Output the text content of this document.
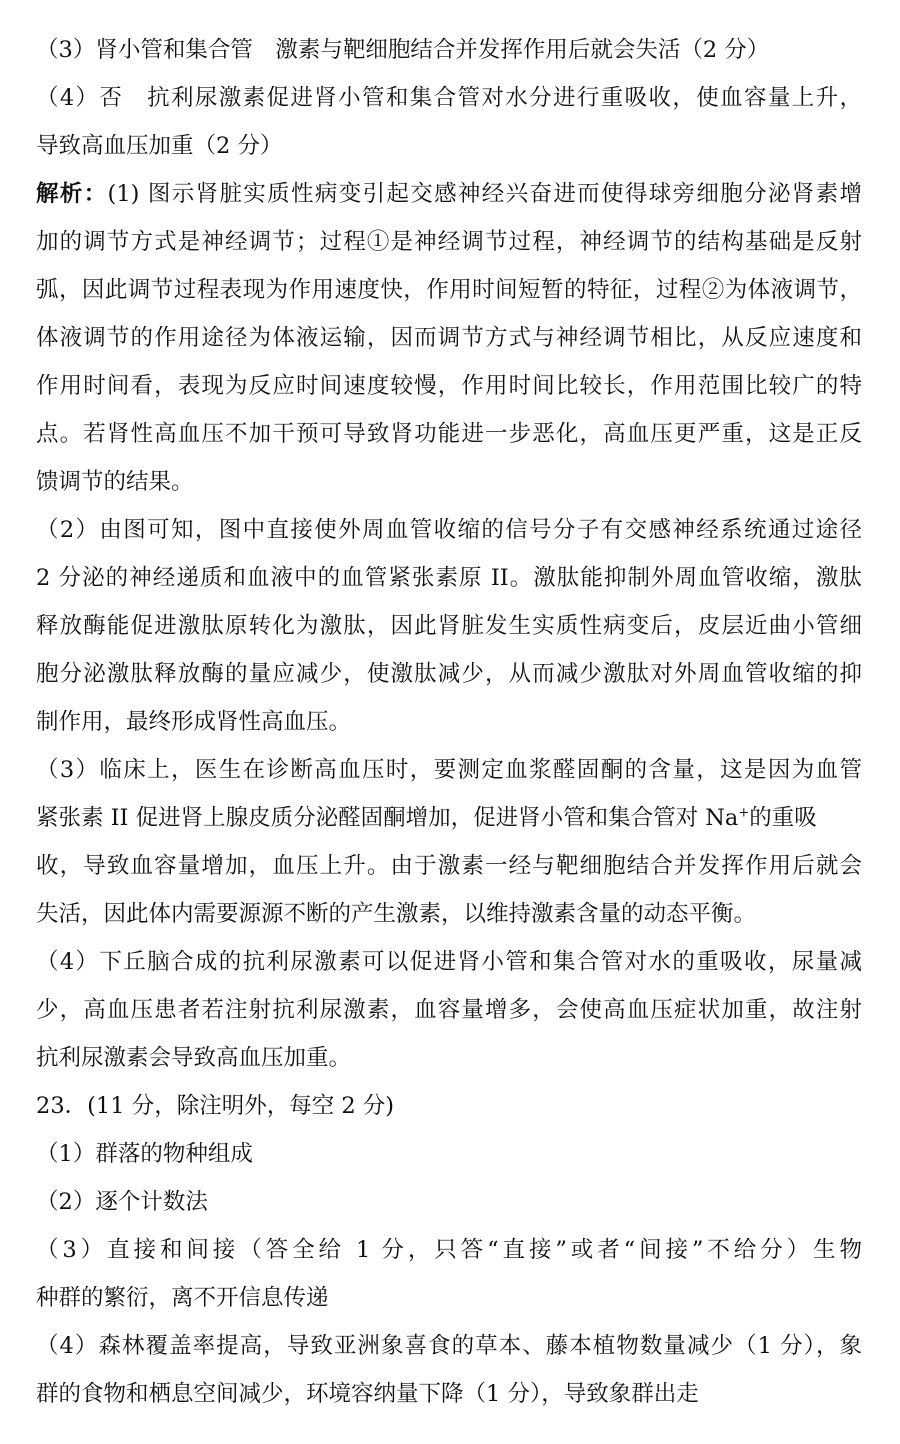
（3）肾小管和集合管　激素与靶细胞结合并发挥作用后就会失活（2 分）
（4）否　抗利尿激素促进肾小管和集合管对水分进行重吸收，使血容量上升，
导致高血压加重（2 分）
解析：(1) 图示肾脏实质性病变引起交感神经兴奋进而使得球旁细胞分泌肾素增
加的调节方式是神经调节；过程①是神经调节过程，神经调节的结构基础是反射
弧，因此调节过程表现为作用速度快，作用时间短暂的特征，过程②为体液调节，
体液调节的作用途径为体液运输，因而调节方式与神经调节相比，从反应速度和
作用时间看，表现为反应时间速度较慢，作用时间比较长，作用范围比较广的特
点。若肾性高血压不加干预可导致肾功能进一步恶化，高血压更严重，这是正反
馈调节的结果。
（2）由图可知，图中直接使外周血管收缩的信号分子有交感神经系统通过途径
2 分泌的神经递质和血液中的血管紧张素原 II。激肽能抑制外周血管收缩，激肽
释放酶能促进激肽原转化为激肽，因此肾脏发生实质性病变后，皮层近曲小管细
胞分泌激肽释放酶的量应减少，使激肽减少，从而减少激肽对外周血管收缩的抑
制作用，最终形成肾性高血压。
（3）临床上，医生在诊断高血压时，要测定血浆醛固酮的含量，这是因为血管
紧张素 II 促进肾上腺皮质分泌醛固酮增加，促进肾小管和集合管对 Na+的重吸
收，导致血容量增加，血压上升。由于激素一经与靶细胞结合并发挥作用后就会
失活，因此体内需要源源不断的产生激素，以维持激素含量的动态平衡。
（4）下丘脑合成的抗利尿激素可以促进肾小管和集合管对水的重吸收，尿量减
少，高血压患者若注射抗利尿激素，血容量增多，会使高血压症状加重，故注射
抗利尿激素会导致高血压加重。
23．(11 分，除注明外，每空 2 分)
（1）群落的物种组成
（2）逐个计数法
（3）直接和间接（答全给 1 分，只答“直接”或者“间接”不给分）生物
种群的繁衍，离不开信息传递
（4）森林覆盖率提高，导致亚洲象喜食的草本、藤本植物数量减少（1 分），象
群的食物和栖息空间减少，环境容纳量下降（1 分），导致象群出走
